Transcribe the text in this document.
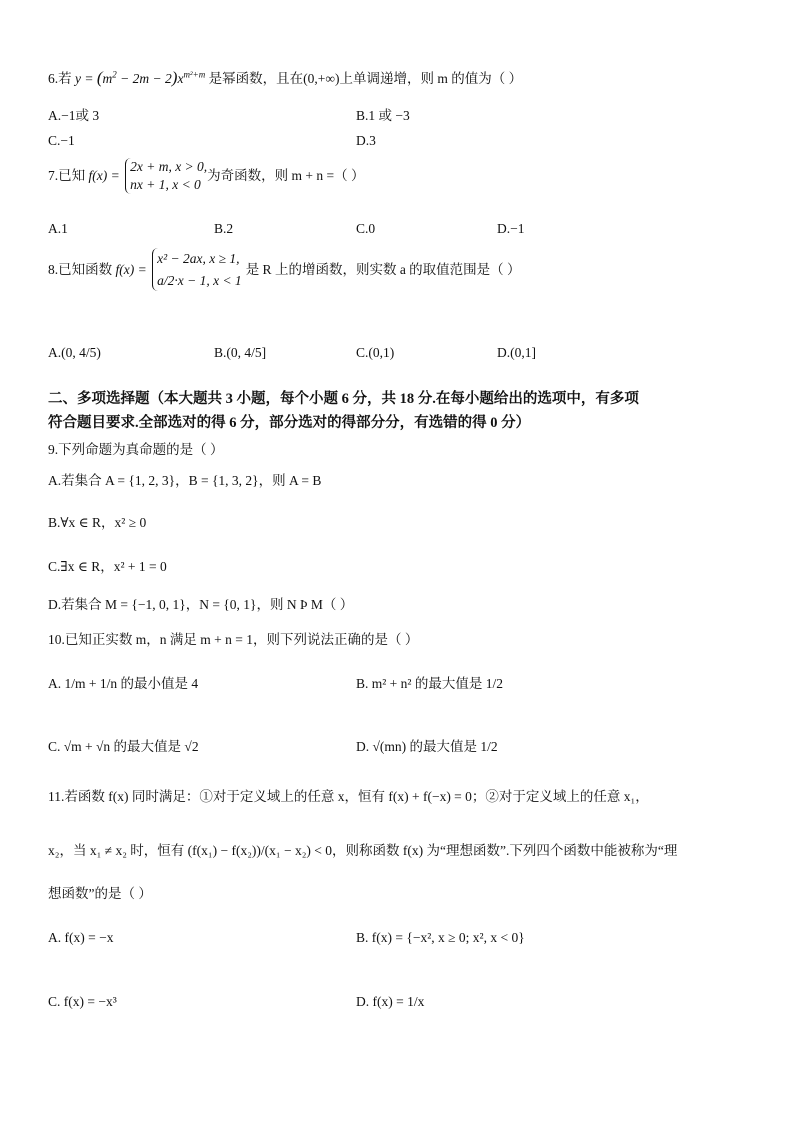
6.若 $y = (m^2 - 2m - 2)x^{m^2+m}$ 是幂函数，且在(0,+∞)上单调递增，则 m 的值为（ ）
A.−1或 3	B.1 或 −3
C.−1	D.3
7.已知 f(x) =
2x + m, x > 0,
nx + 1, x < 0
为奇函数，则 m + n =（ ）
A.1	B.2	C.0	D.−1
8.已知函数 f(x) =
x² − 2ax, x ≥ 1,
a/2·x − 1, x < 1
是 R 上的增函数，则实数 a 的取值范围是（ ）
A.(0, 4/5)	B.(0, 4/5]	C.(0,1)	D.(0,1]
二、多项选择题（本大题共 3 小题，每个小题 6 分，共 18 分.在每小题给出的选项中，有多项
符合题目要求.全部选对的得 6 分，部分选对的得部分分，有选错的得 0 分）
9.下列命题为真命题的是（ ）
A.若集合 A = {1, 2, 3}，B = {1, 3, 2}，则 A = B
B.∀x ∈ R，x² ≥ 0
C.∃x ∈ R，x² + 1 = 0
D.若集合 M = {−1, 0, 1}，N = {0, 1}，则 N Þ M（ ）
10.已知正实数 m，n 满足 m + n = 1，则下列说法正确的是（ ）
A. 1/m + 1/n 的最小值是 4	B. m² + n² 的最大值是 1/2
C. √m + √n 的最大值是 √2	D. √(mn) 的最大值是 1/2
11.若函数 f(x) 同时满足：①对于定义域上的任意 x，恒有 f(x) + f(−x) = 0；②对于定义域上的任意 x₁，
x₂，当 x₁ ≠ x₂ 时，恒有 (f(x₁) − f(x₂))/(x₁ − x₂) < 0，则称函数 f(x) 为“理想函数”.下列四个函数中能被称为“理
想函数”的是（ ）
A. f(x) = −x	B. f(x) = {−x², x ≥ 0; x², x < 0}
C. f(x) = −x³	D. f(x) = 1/x
